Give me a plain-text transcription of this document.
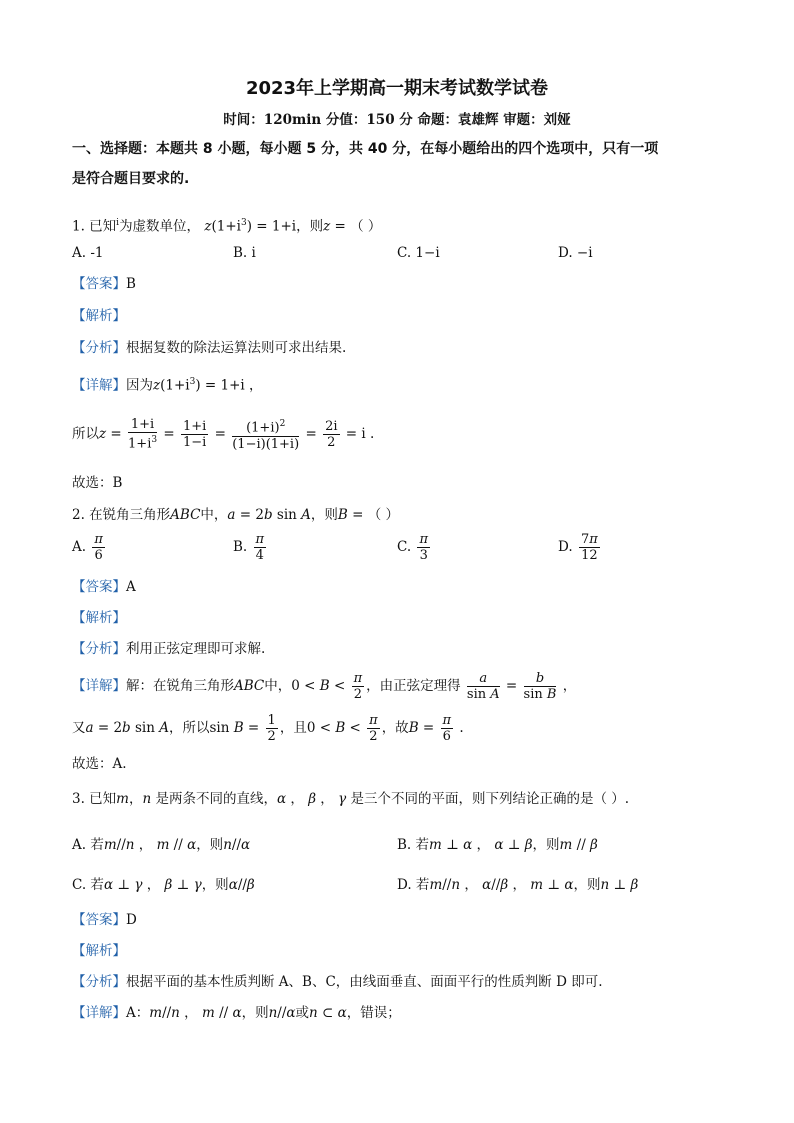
2023年上学期高一期末考试数学试卷
时间：120min 分值：150 分 命题：袁雄辉 审题：刘娅
一、选择题：本题共 8 小题，每小题 5 分，共 40 分，在每小题给出的四个选项中，只有一项
是符合题目要求的.
1. 已知$^i$为虚数单位， $z(1+i^3) = 1+i$，则z = （ ）
A. -1	B. i	C. 1−i	D. −i
【答案】B
【解析】
【分析】根据复数的除法运算法则可求出结果.
【详解】因为$z(1+i^3) = 1+i$ ，
所以$z = \frac{1+i}{1+i^3} = \frac{1+i}{1-i} = \frac{(1+i)^2}{(1-i)(1+i)} = \frac{2i}{2} = i$ .
故选：B
2. 在锐角三角形ABC中，a = 2b sin A，则B = （ ）
A. $\frac{\pi}{6}$	B. $\frac{\pi}{4}$	C. $\frac{\pi}{3}$	D. $\frac{7\pi}{12}$
【答案】A
【解析】
【分析】利用正弦定理即可求解.
【详解】解：在锐角三角形ABC中，$0 < B < \frac{\pi}{2}$ ，由正弦定理得 $\frac{a}{\text{sin A}} = \frac{b}{\text{sin B}}$ ，
又a = 2b sin A，所以$\sin B = \frac{1}{2}$ ，且$0 < B < \frac{\pi}{2}$ ，故$B = \frac{\pi}{6}$ .
故选：A.
3. 已知m，n 是两条不同的直线，α ， β ， γ 是三个不同的平面，则下列结论正确的是（ ）.
A. 若m//n ， m // α，则n//α	B. 若m ⊥ α ， α ⊥ β，则m // β
C. 若α ⊥ γ ， β ⊥ γ，则α//β	D. 若m//n ， α//β ， m ⊥ α，则n ⊥ β
【答案】D
【解析】
【分析】根据平面的基本性质判断 A、B、C，由线面垂直、面面平行的性质判断 D 即可.
【详解】A：m//n ， m // α，则n//α或n ⊂ α，错误；
